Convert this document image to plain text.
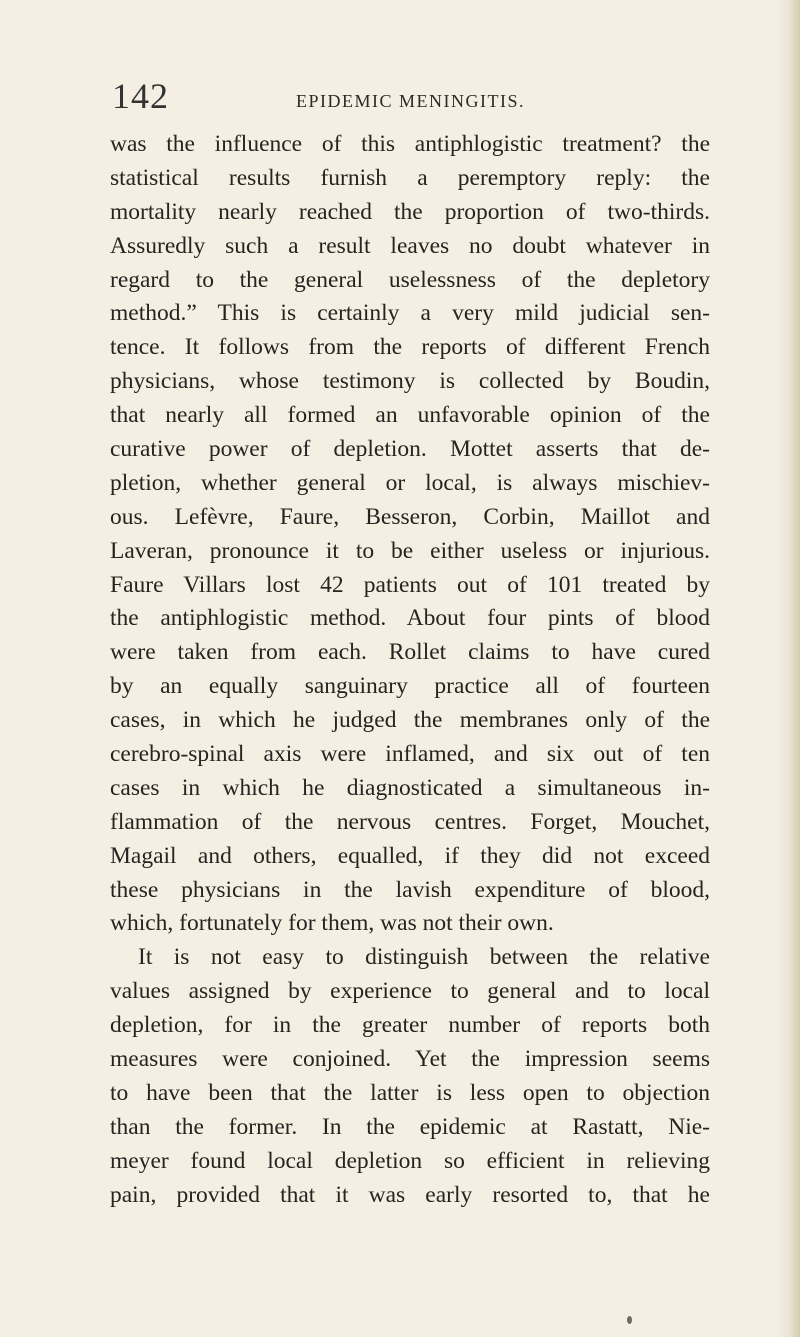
142	EPIDEMIC MENINGITIS.
was the influence of this antiphlogistic treatment? the
statistical results furnish a peremptory reply: the
mortality nearly reached the proportion of two-thirds.
Assuredly such a result leaves no doubt whatever in
regard to the general uselessness of the depletory
method.” This is certainly a very mild judicial sen-
tence. It follows from the reports of different French
physicians, whose testimony is collected by Boudin,
that nearly all formed an unfavorable opinion of the
curative power of depletion. Mottet asserts that de-
pletion, whether general or local, is always mischiev-
ous. Lefèvre, Faure, Besseron, Corbin, Maillot and
Laveran, pronounce it to be either useless or injurious.
Faure Villars lost 42 patients out of 101 treated by
the antiphlogistic method. About four pints of blood
were taken from each. Rollet claims to have cured
by an equally sanguinary practice all of fourteen
cases, in which he judged the membranes only of the
cerebro-spinal axis were inflamed, and six out of ten
cases in which he diagnosticated a simultaneous in-
flammation of the nervous centres. Forget, Mouchet,
Magail and others, equalled, if they did not exceed
these physicians in the lavish expenditure of blood,
which, fortunately for them, was not their own.
It is not easy to distinguish between the relative
values assigned by experience to general and to local
depletion, for in the greater number of reports both
measures were conjoined. Yet the impression seems
to have been that the latter is less open to objection
than the former. In the epidemic at Rastatt, Nie-
meyer found local depletion so efficient in relieving
pain, provided that it was early resorted to, that he
